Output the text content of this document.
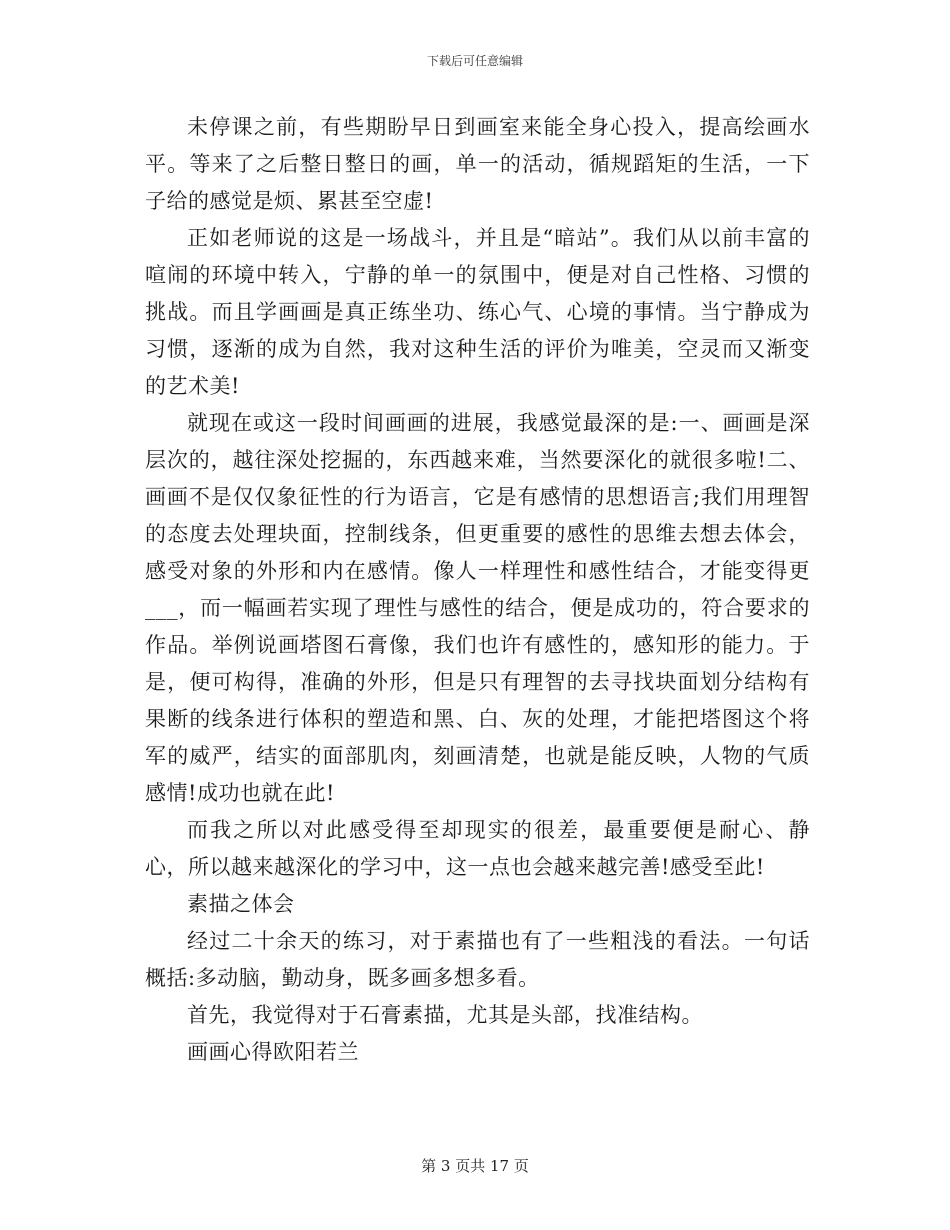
下载后可任意编辑

未停课之前，有些期盼早日到画室来能全身心投入，提高绘画水平。等来了之后整日整日的画，单一的活动，循规蹈矩的生活，一下子给的感觉是烦、累甚至空虚!

正如老师说的这是一场战斗，并且是“暗站”。我们从以前丰富的喧闹的环境中转入，宁静的单一的氛围中，便是对自己性格、习惯的挑战。而且学画画是真正练坐功、练心气、心境的事情。当宁静成为习惯，逐渐的成为自然，我对这种生活的评价为唯美，空灵而又渐变的艺术美!

就现在或这一段时间画画的进展，我感觉最深的是:一、画画是深层次的，越往深处挖掘的，东西越来难，当然要深化的就很多啦!二、画画不是仅仅象征性的行为语言，它是有感情的思想语言;我们用理智的态度去处理块面，控制线条，但更重要的感性的思维去想去体会，感受对象的外形和内在感情。像人一样理性和感性结合，才能变得更___，而一幅画若实现了理性与感性的结合，便是成功的，符合要求的作品。举例说画塔图石膏像，我们也许有感性的，感知形的能力。于是，便可构得，准确的外形，但是只有理智的去寻找块面划分结构有果断的线条进行体积的塑造和黑、白、灰的处理，才能把塔图这个将军的威严，结实的面部肌肉，刻画清楚，也就是能反映，人物的气质感情!成功也就在此!

而我之所以对此感受得至却现实的很差，最重要便是耐心、静心，所以越来越深化的学习中，这一点也会越来越完善!感受至此!

素描之体会

经过二十余天的练习，对于素描也有了一些粗浅的看法。一句话概括:多动脑，勤动身，既多画多想多看。

首先，我觉得对于石膏素描，尤其是头部，找准结构。

画画心得欧阳若兰

第 3 页共 17 页
